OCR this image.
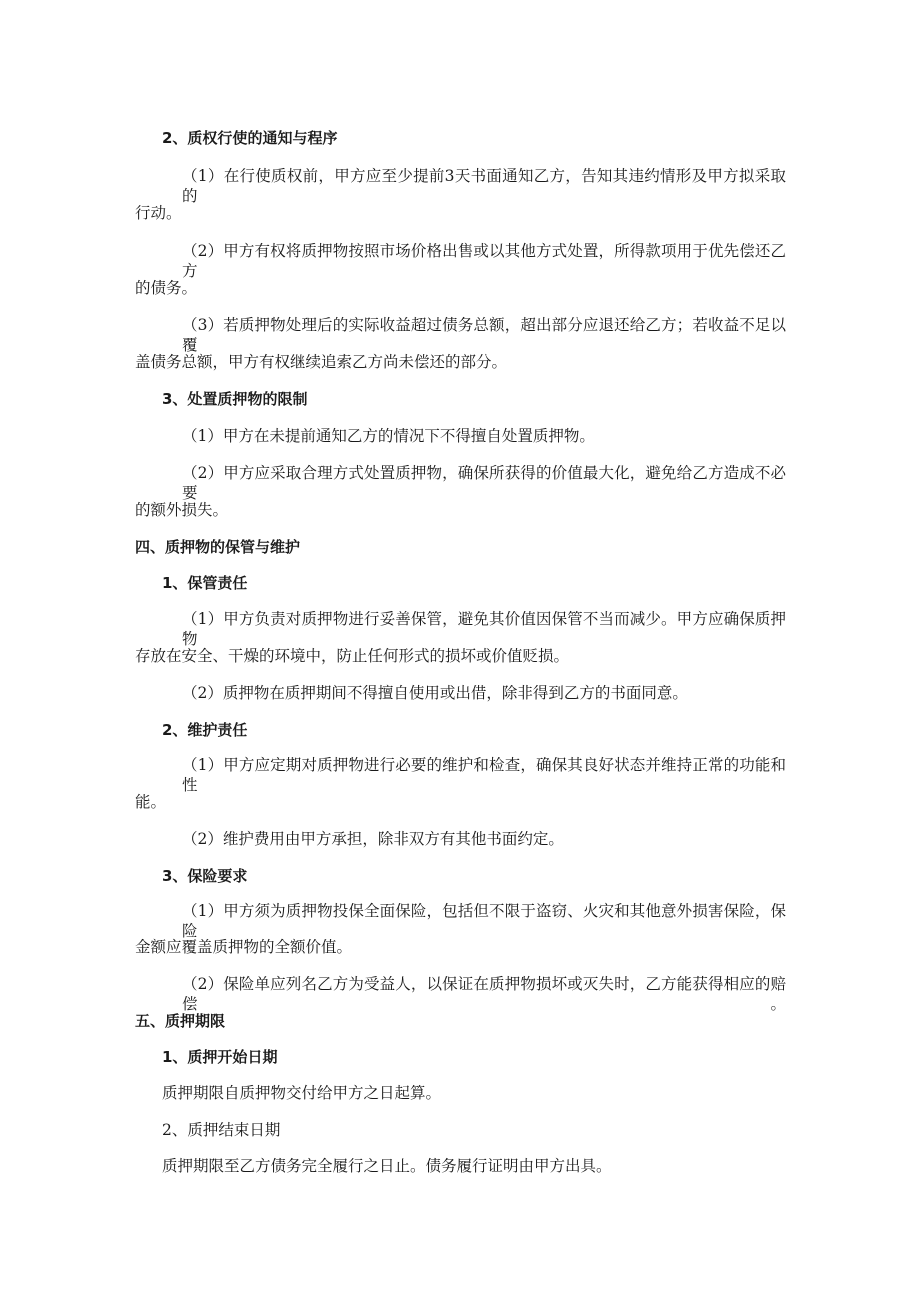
2、质权行使的通知与程序
（1）在行使质权前，甲方应至少提前3天书面通知乙方，告知其违约情形及甲方拟采取的
行动。
（2）甲方有权将质押物按照市场价格出售或以其他方式处置，所得款项用于优先偿还乙方
的债务。
（3）若质押物处理后的实际收益超过债务总额，超出部分应退还给乙方；若收益不足以覆
盖债务总额，甲方有权继续追索乙方尚未偿还的部分。
3、处置质押物的限制
（1）甲方在未提前通知乙方的情况下不得擅自处置质押物。
（2）甲方应采取合理方式处置质押物，确保所获得的价值最大化，避免给乙方造成不必要
的额外损失。
四、质押物的保管与维护
1、保管责任
（1）甲方负责对质押物进行妥善保管，避免其价值因保管不当而减少。甲方应确保质押物
存放在安全、干燥的环境中，防止任何形式的损坏或价值贬损。
（2）质押物在质押期间不得擅自使用或出借，除非得到乙方的书面同意。
2、维护责任
（1）甲方应定期对质押物进行必要的维护和检查，确保其良好状态并维持正常的功能和性
能。
（2）维护费用由甲方承担，除非双方有其他书面约定。
3、保险要求
（1）甲方须为质押物投保全面保险，包括但不限于盗窃、火灾和其他意外损害保险，保险
金额应覆盖质押物的全额价值。
（2）保险单应列名乙方为受益人，以保证在质押物损坏或灭失时，乙方能获得相应的赔偿。
五、质押期限
1、质押开始日期
质押期限自质押物交付给甲方之日起算。
2、质押结束日期
质押期限至乙方债务完全履行之日止。债务履行证明由甲方出具。
